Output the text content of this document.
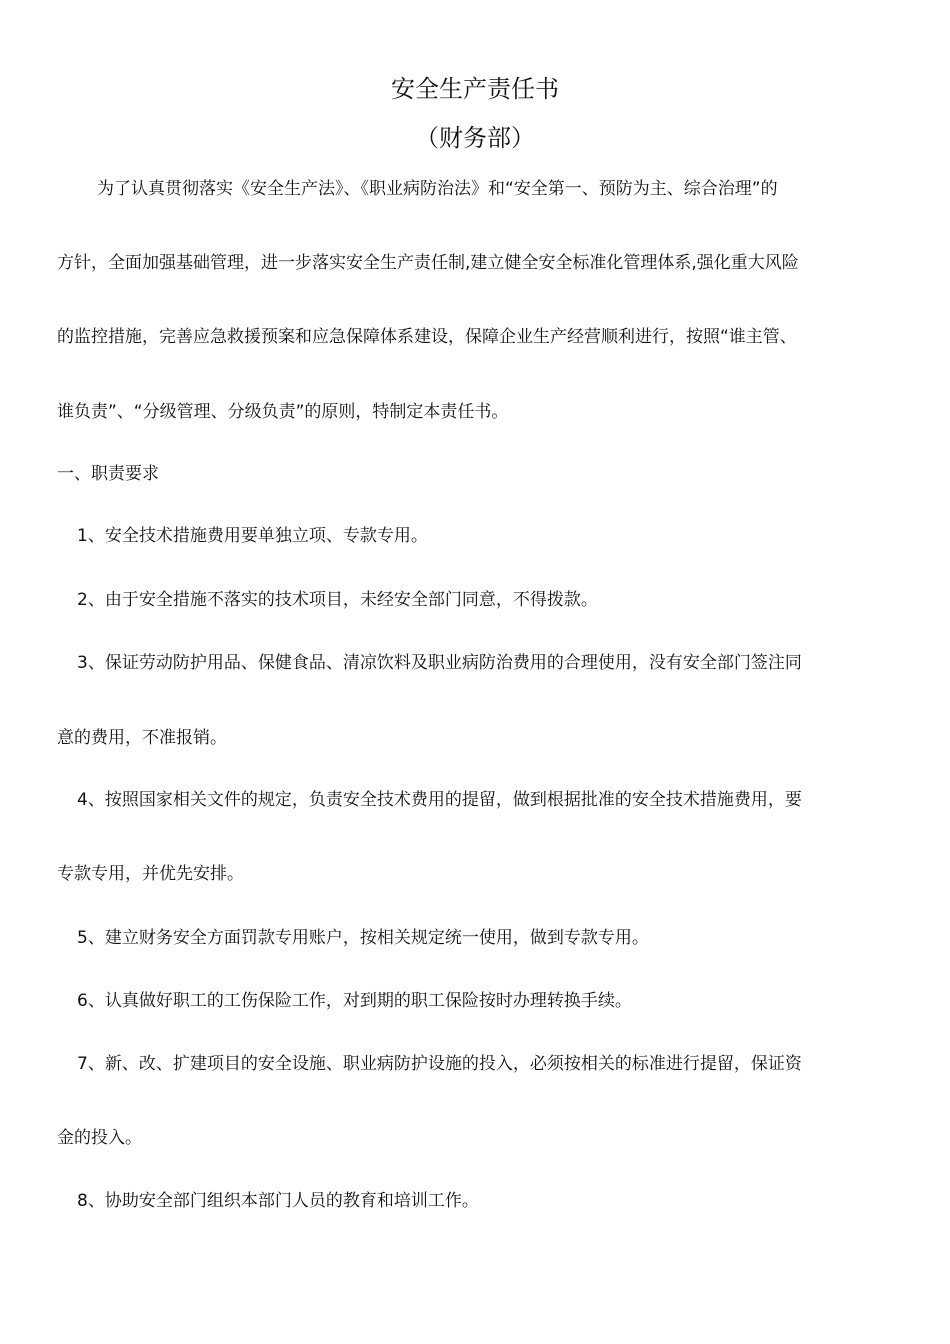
安全生产责任书
（财务部）
为了认真贯彻落实《安全生产法》、《职业病防治法》和“安全第一、预防为主、综合治理”的
方针，全面加强基础管理，进一步落实安全生产责任制,建立健全安全标准化管理体系,强化重大风险
的监控措施，完善应急救援预案和应急保障体系建设，保障企业生产经营顺利进行，按照“谁主管、
谁负责”、“分级管理、分级负责”的原则，特制定本责任书。
一、职责要求
1、安全技术措施费用要单独立项、专款专用。
2、由于安全措施不落实的技术项目，未经安全部门同意，不得拨款。
3、保证劳动防护用品、保健食品、清凉饮料及职业病防治费用的合理使用，没有安全部门签注同
意的费用，不准报销。
4、按照国家相关文件的规定，负责安全技术费用的提留，做到根据批准的安全技术措施费用，要
专款专用，并优先安排。
5、建立财务安全方面罚款专用账户，按相关规定统一使用，做到专款专用。
6、认真做好职工的工伤保险工作，对到期的职工保险按时办理转换手续。
7、新、改、扩建项目的安全设施、职业病防护设施的投入，必须按相关的标准进行提留，保证资
金的投入。
8、协助安全部门组织本部门人员的教育和培训工作。
